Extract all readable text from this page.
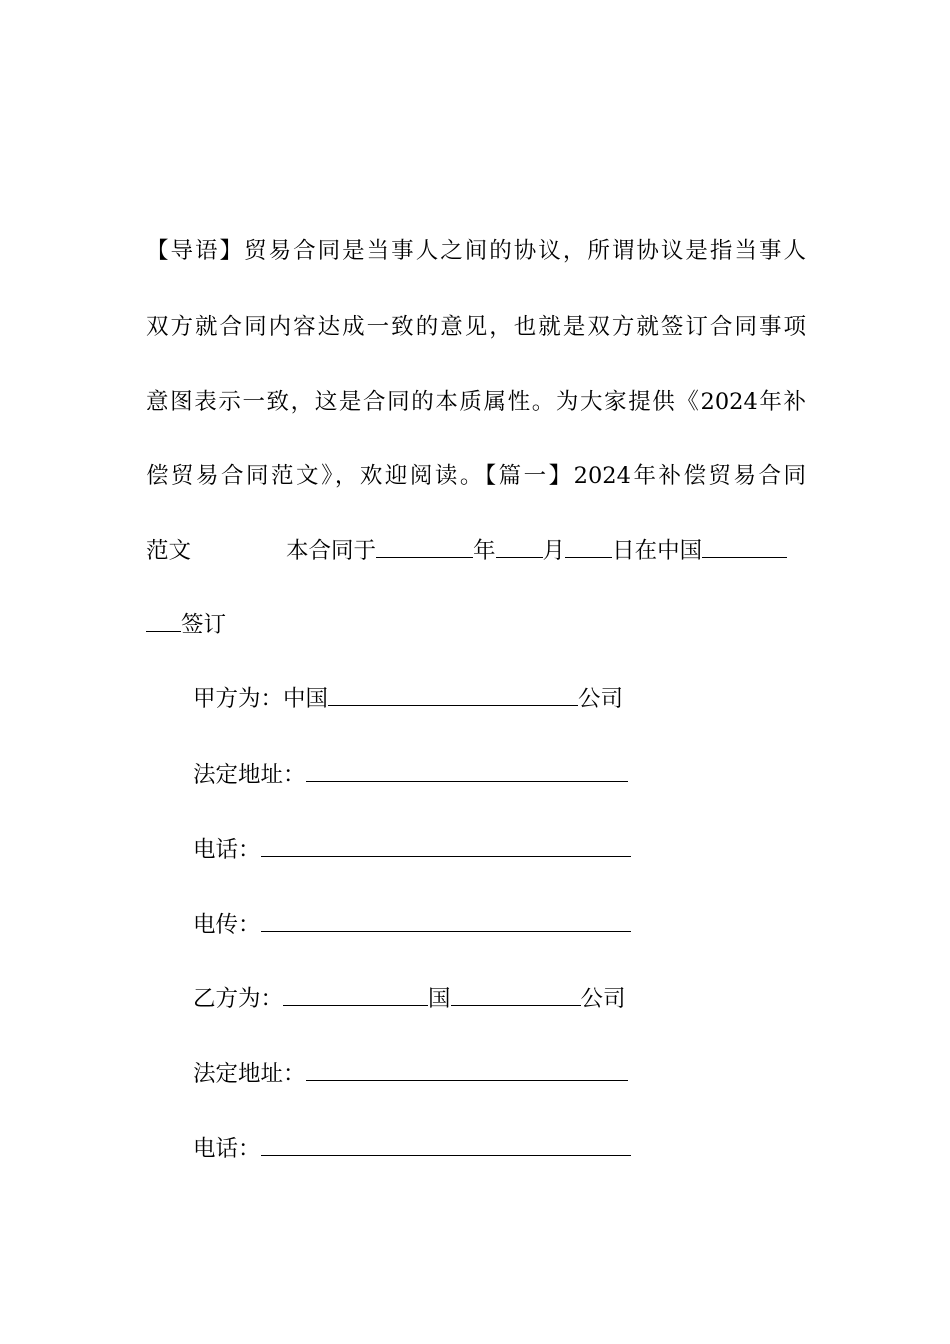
【导语】贸易合同是当事人之间的协议，所谓协议是指当事人

双方就合同内容达成一致的意见，也就是双方就签订合同事项

意图表示一致，这是合同的本质属性。为大家提供《2024年补

偿贸易合同范文》，欢迎阅读。【篇一】2024年补偿贸易合同

范文	本合同于	年 月 日在中国

签订

甲方为：中国	公司

法定地址：

电话：

电传：

乙方为：	国	公司

法定地址：

电话：
